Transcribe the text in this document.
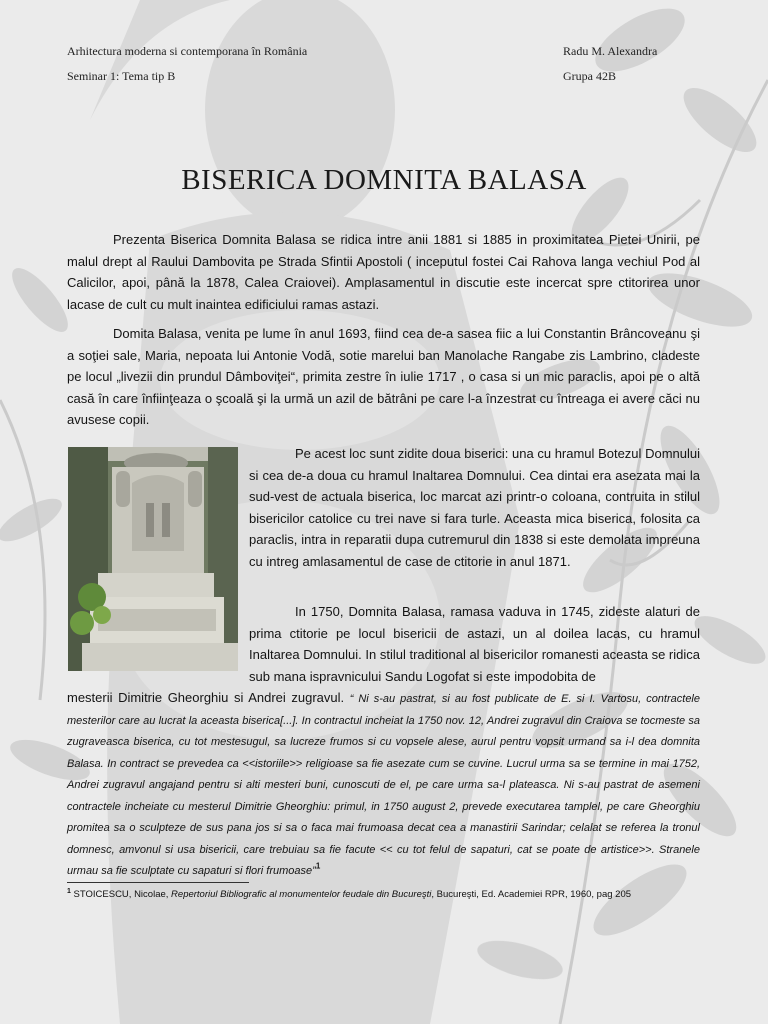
Arhitectura moderna si contemporana în România
Seminar 1: Tema tip B
Radu M. Alexandra
Grupa 42B
BISERICA DOMNITA BALASA

Prezenta Biserica Domnita Balasa se ridica intre anii 1881 si 1885 in proximitatea Pietei Unirii, pe malul drept al Raului Dambovita pe Strada Sfintii Apostoli ( inceputul fostei Cai Rahova langa vechiul Pod al Calicilor, apoi, până la 1878, Calea Craiovei). Amplasamentul in discutie este incercat spre ctitorirea unor lacase de cult cu mult inaintea edificiului ramas astazi.

Domita Balasa, venita pe lume în anul 1693, fiind cea de-a sasea fiic a lui Constantin Brâncoveanu şi a soţiei sale, Maria, nepoata lui Antonie Vodă, sotie marelui ban Manolache Rangabe zis Lambrino, cladeste pe locul „livezii din prundul Dâmboviţei“, primita zestre în iulie 1717 , o casa si un mic paraclis, apoi pe o altă casă în care înfiinţeaza o şcoală şi la urmă un azil de bătrâni pe care l-a înzestrat cu întreaga ei avere căci nu avusese copii.

Pe acest loc sunt zidite doua biserici: una cu hramul Botezul Domnului si cea de-a doua cu hramul Inaltarea Domnului. Cea dintai era asezata mai la sud-vest de actuala biserica, loc marcat azi printr-o coloana, contruita in stilul bisericilor catolice cu trei nave si fara turle. Aceasta mica biserica, folosita ca paraclis, intra in reparatii dupa cutremurul din 1838 si este demolata impreuna cu intreg amlasamentul de case de ctitorie in anul 1871.

In 1750, Domnita Balasa, ramasa vaduva in 1745, zideste alaturi de prima ctitorie pe locul bisericii de astazi, un al doilea lacas, cu hramul Inaltarea Domnului. In stilul traditional al bisericilor romanesti aceasta se ridica sub mana ispravnicului Sandu Logofat si este impodobita de

mesterii Dimitrie Gheorghiu si Andrei zugravul. “ Ni s-au pastrat, si au fost publicate de E. si I. Vartosu, contractele mesterilor care au lucrat la aceasta biserica[...]. In contractul incheiat la 1750 nov. 12, Andrei zugravul din Craiova se tocmeste sa zugraveasca biserica, cu tot mestesugul, sa lucreze frumos si cu vopsele alese, aurul pentru vopsit urmand sa i-l dea domnita Balasa. In contract se prevedea ca <<istoriile>> religioase sa fie asezate cum se cuvine. Lucrul urma sa se termine in mai 1752, Andrei zugravul angajand pentru si alti mesteri buni, cunoscuti de el, pe care urma sa-l plateasca. Ni s-au pastrat de asemeni contractele incheiate cu mesterul Dimitrie Gheorghiu: primul, in 1750 august 2, prevede executarea tamplel, pe care Gheorghiu promitea sa o sculpteze de sus pana jos si sa o faca mai frumoasa decat cea a manastirii Sarindar; celalat se referea la tronul domnesc, amvonul si usa bisericii, care trebuiau sa fie facute << cu tot felul de sapaturi, cat se poate de artistice>>. Stranele urmau sa fie sculptate cu sapaturi si flori frumoase”$^1$

$^1$ STOICESCU, Nicolae, Repertoriul Bibliografic al monumentelor feudale din Bucureşti, Bucureşti, Ed. Academiei RPR, 1960, pag 205
